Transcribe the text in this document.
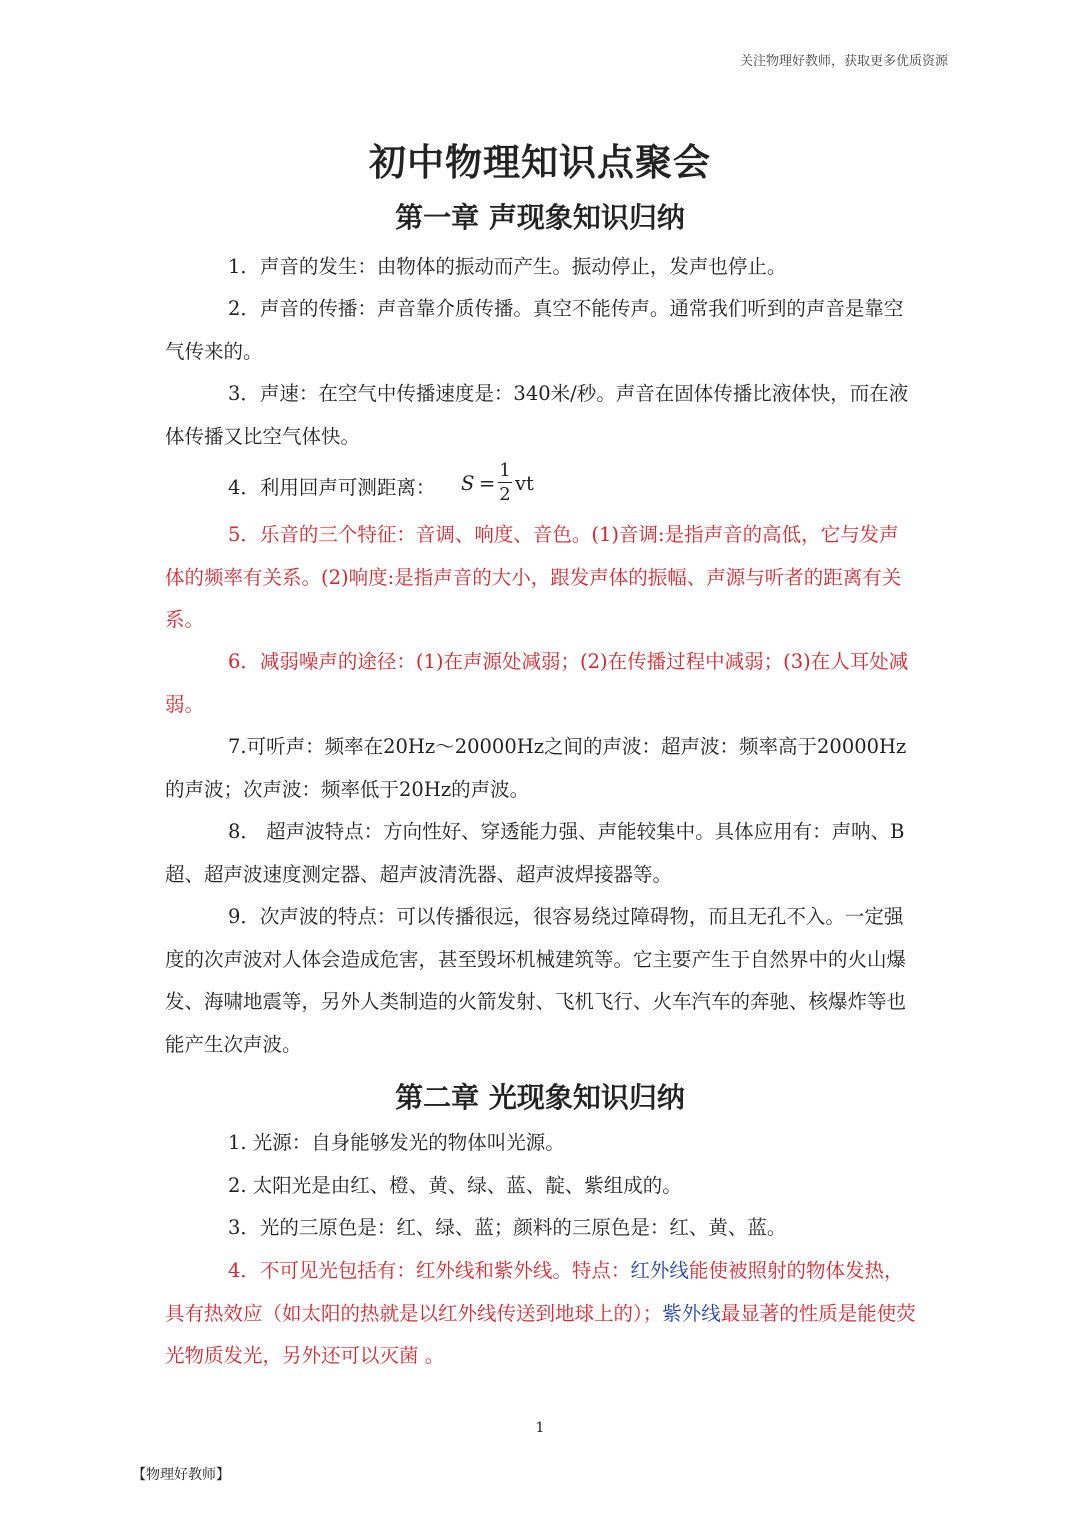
关注物理好教师，获取更多优质资源
初中物理知识点聚会
第一章 声现象知识归纳

1．声音的发生：由物体的振动而产生。振动停止，发声也停止。

2．声音的传播：声音靠介质传播。真空不能传声。通常我们听到的声音是靠空气传来的。

3．声速：在空气中传播速度是：340米/秒。声音在固体传播比液体快，而在液体传播又比空气体快。

4．利用回声可测距离： S =
1
2 vt

5．乐音的三个特征：音调、响度、音色。(1)音调:是指声音的高低，它与发声体的频率有关系。(2)响度:是指声音的大小，跟发声体的振幅、声源与听者的距离有关系。

6．减弱噪声的途径：(1)在声源处减弱；(2)在传播过程中减弱；(3)在人耳处减弱。

7.可听声：频率在20Hz～20000Hz之间的声波：超声波：频率高于20000Hz的声波；次声波：频率低于20Hz的声波。

8． 超声波特点：方向性好、穿透能力强、声能较集中。具体应用有：声呐、B超、超声波速度测定器、超声波清洗器、超声波焊接器等。

9．次声波的特点：可以传播很远，很容易绕过障碍物，而且无孔不入。一定强度的次声波对人体会造成危害，甚至毁坏机械建筑等。它主要产生于自然界中的火山爆发、海啸地震等，另外人类制造的火箭发射、飞机飞行、火车汽车的奔驰、核爆炸等也能产生次声波。

第二章 光现象知识归纳

1. 光源：自身能够发光的物体叫光源。

2. 太阳光是由红、橙、黄、绿、蓝、靛、紫组成的。

3．光的三原色是：红、绿、蓝；颜料的三原色是：红、黄、蓝。

4．不可见光包括有：红外线和紫外线。特点：红外线能使被照射的物体发热，具有热效应（如太阳的热就是以红外线传送到地球上的）；紫外线最显著的性质是能使荧光物质发光，另外还可以灭菌 。

1
【物理好教师】
